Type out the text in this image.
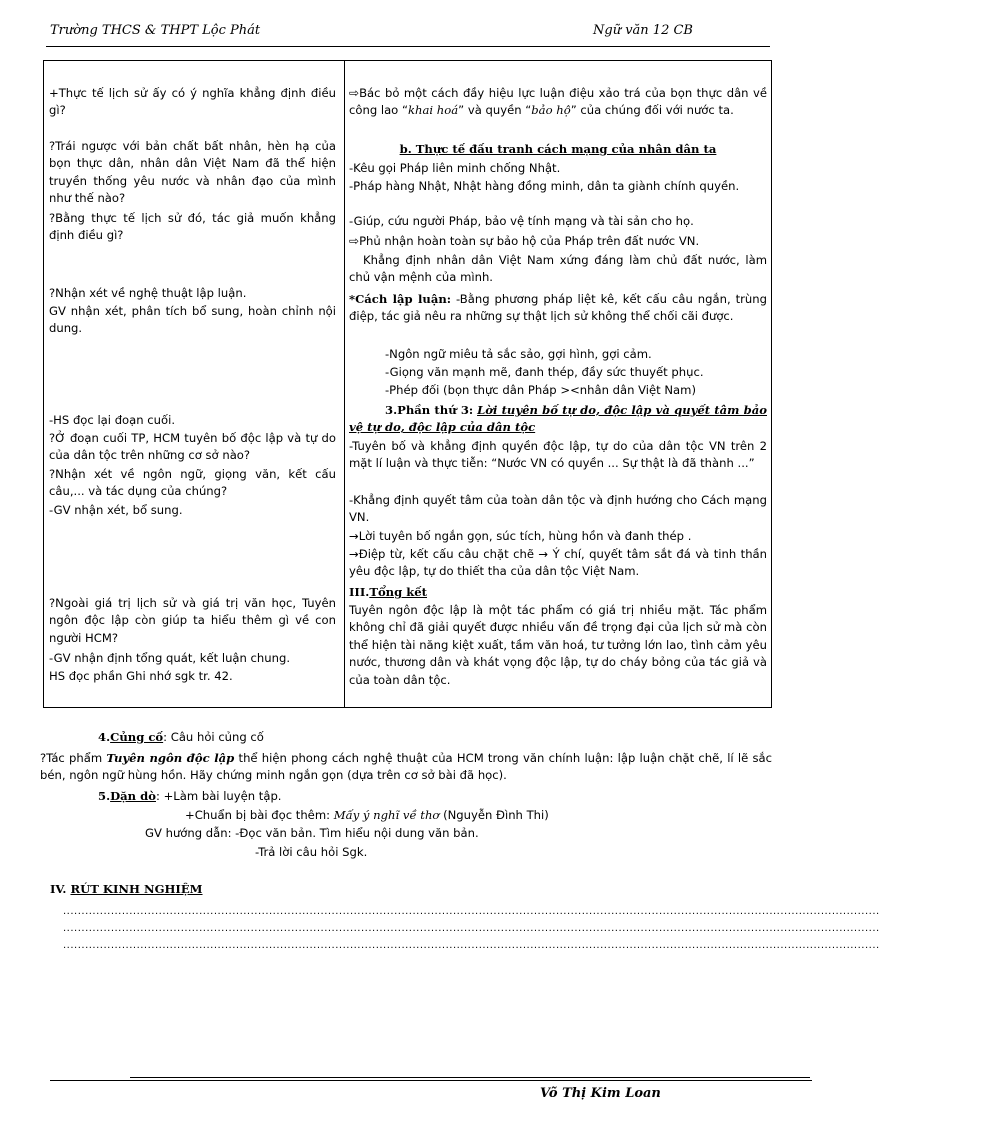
Trường THCS & THPT Lộc Phát	Ngữ văn 12 CB
+Thực tế lịch sử ấy có ý nghĩa khẳng định điều gì?
?Trái ngược với bản chất bất nhân, hèn hạ của bọn thực dân, nhân dân Việt Nam đã thể hiện truyền thống yêu nước và nhân đạo của mình như thế nào?
?Bằng thực tế lịch sử đó, tác giả muốn khẳng định điều gì?
?Nhận xét về nghệ thuật lập luận.
GV nhận xét, phân tích bổ sung, hoàn chỉnh nội dung.
-HS đọc lại đoạn cuối.
?Ở đoạn cuối TP, HCM tuyên bố độc lập và tự do của dân tộc trên những cơ sở nào?
?Nhận xét về ngôn ngữ, giọng văn, kết cấu câu,... và tác dụng của chúng?
-GV nhận xét, bổ sung.
?Ngoài giá trị lịch sử và giá trị văn học, Tuyên ngôn độc lập còn giúp ta hiểu thêm gì về con người HCM?
-GV nhận định tổng quát, kết luận chung.
HS đọc phần Ghi nhớ sgk tr. 42.
⇨Bác bỏ một cách đầy hiệu lực luận điệu xảo trá của bọn thực dân về công lao “khai hoá” và quyền “bảo hộ” của chúng đối với nước ta.
b. Thực tế đấu tranh cách mạng của nhân dân ta
-Kêu gọi Pháp liên minh chống Nhật.
-Pháp hàng Nhật, Nhật hàng đồng minh, dân ta giành chính quyền.
-Giúp, cứu người Pháp, bảo vệ tính mạng và tài sản cho họ.
⇨Phủ nhận hoàn toàn sự bảo hộ của Pháp trên đất nước VN.
Khẳng định nhân dân Việt Nam xứng đáng làm chủ đất nước, làm chủ vận mệnh của mình.
*Cách lập luận: -Bằng phương pháp liệt kê, kết cấu câu ngắn, trùng điệp, tác giả nêu ra những sự thật lịch sử không thể chối cãi được.
-Ngôn ngữ miêu tả sắc sảo, gợi hình, gợi cảm.
-Giọng văn mạnh mẽ, đanh thép, đầy sức thuyết phục.
-Phép đối (bọn thực dân Pháp ><nhân dân Việt Nam)
3.Phần thứ 3: Lời tuyên bố tự do, độc lập và quyết tâm bảo vệ tự do, độc lập của dân tộc
-Tuyên bố và khẳng định quyền độc lập, tự do của dân tộc VN trên 2 mặt lí luận và thực tiễn: “Nước VN có quyền ... Sự thật là đã thành ...”
-Khẳng định quyết tâm của toàn dân tộc và định hướng cho Cách mạng VN.
→Lời tuyên bố ngắn gọn, súc tích, hùng hồn và đanh thép .
→Điệp từ, kết cấu câu chặt chẽ → Ý chí, quyết tâm sắt đá và tinh thần yêu độc lập, tự do thiết tha của dân tộc Việt Nam.
III.Tổng kết
Tuyên ngôn độc lập là một tác phẩm có giá trị nhiều mặt. Tác phẩm không chỉ đã giải quyết được nhiều vấn đề trọng đại của lịch sử mà còn thể hiện tài năng kiệt xuất, tầm văn hoá, tư tưởng lớn lao, tình cảm yêu nước, thương dân và khát vọng độc lập, tự do cháy bỏng của tác giả và của toàn dân tộc.
4.Củng cố: Câu hỏi củng cố
?Tác phẩm Tuyên ngôn độc lập thể hiện phong cách nghệ thuật của HCM trong văn chính luận: lập luận chặt chẽ, lí lẽ sắc bén, ngôn ngữ hùng hồn. Hãy chứng minh ngắn gọn (dựa trên cơ sở bài đã học).
5.Dặn dò: +Làm bài luyện tập.
+Chuẩn bị bài đọc thêm: Mấy ý nghĩ về thơ (Nguyễn Đình Thi)
GV hướng dẫn: -Đọc văn bản. Tìm hiểu nội dung văn bản.
-Trả lời câu hỏi Sgk.
IV. RÚT KINH NGHIỆM
..............................................................................................................................................................................................................................
..............................................................................................................................................................................................................................
..............................................................................................................................................................................................................................
Võ Thị Kim Loan
